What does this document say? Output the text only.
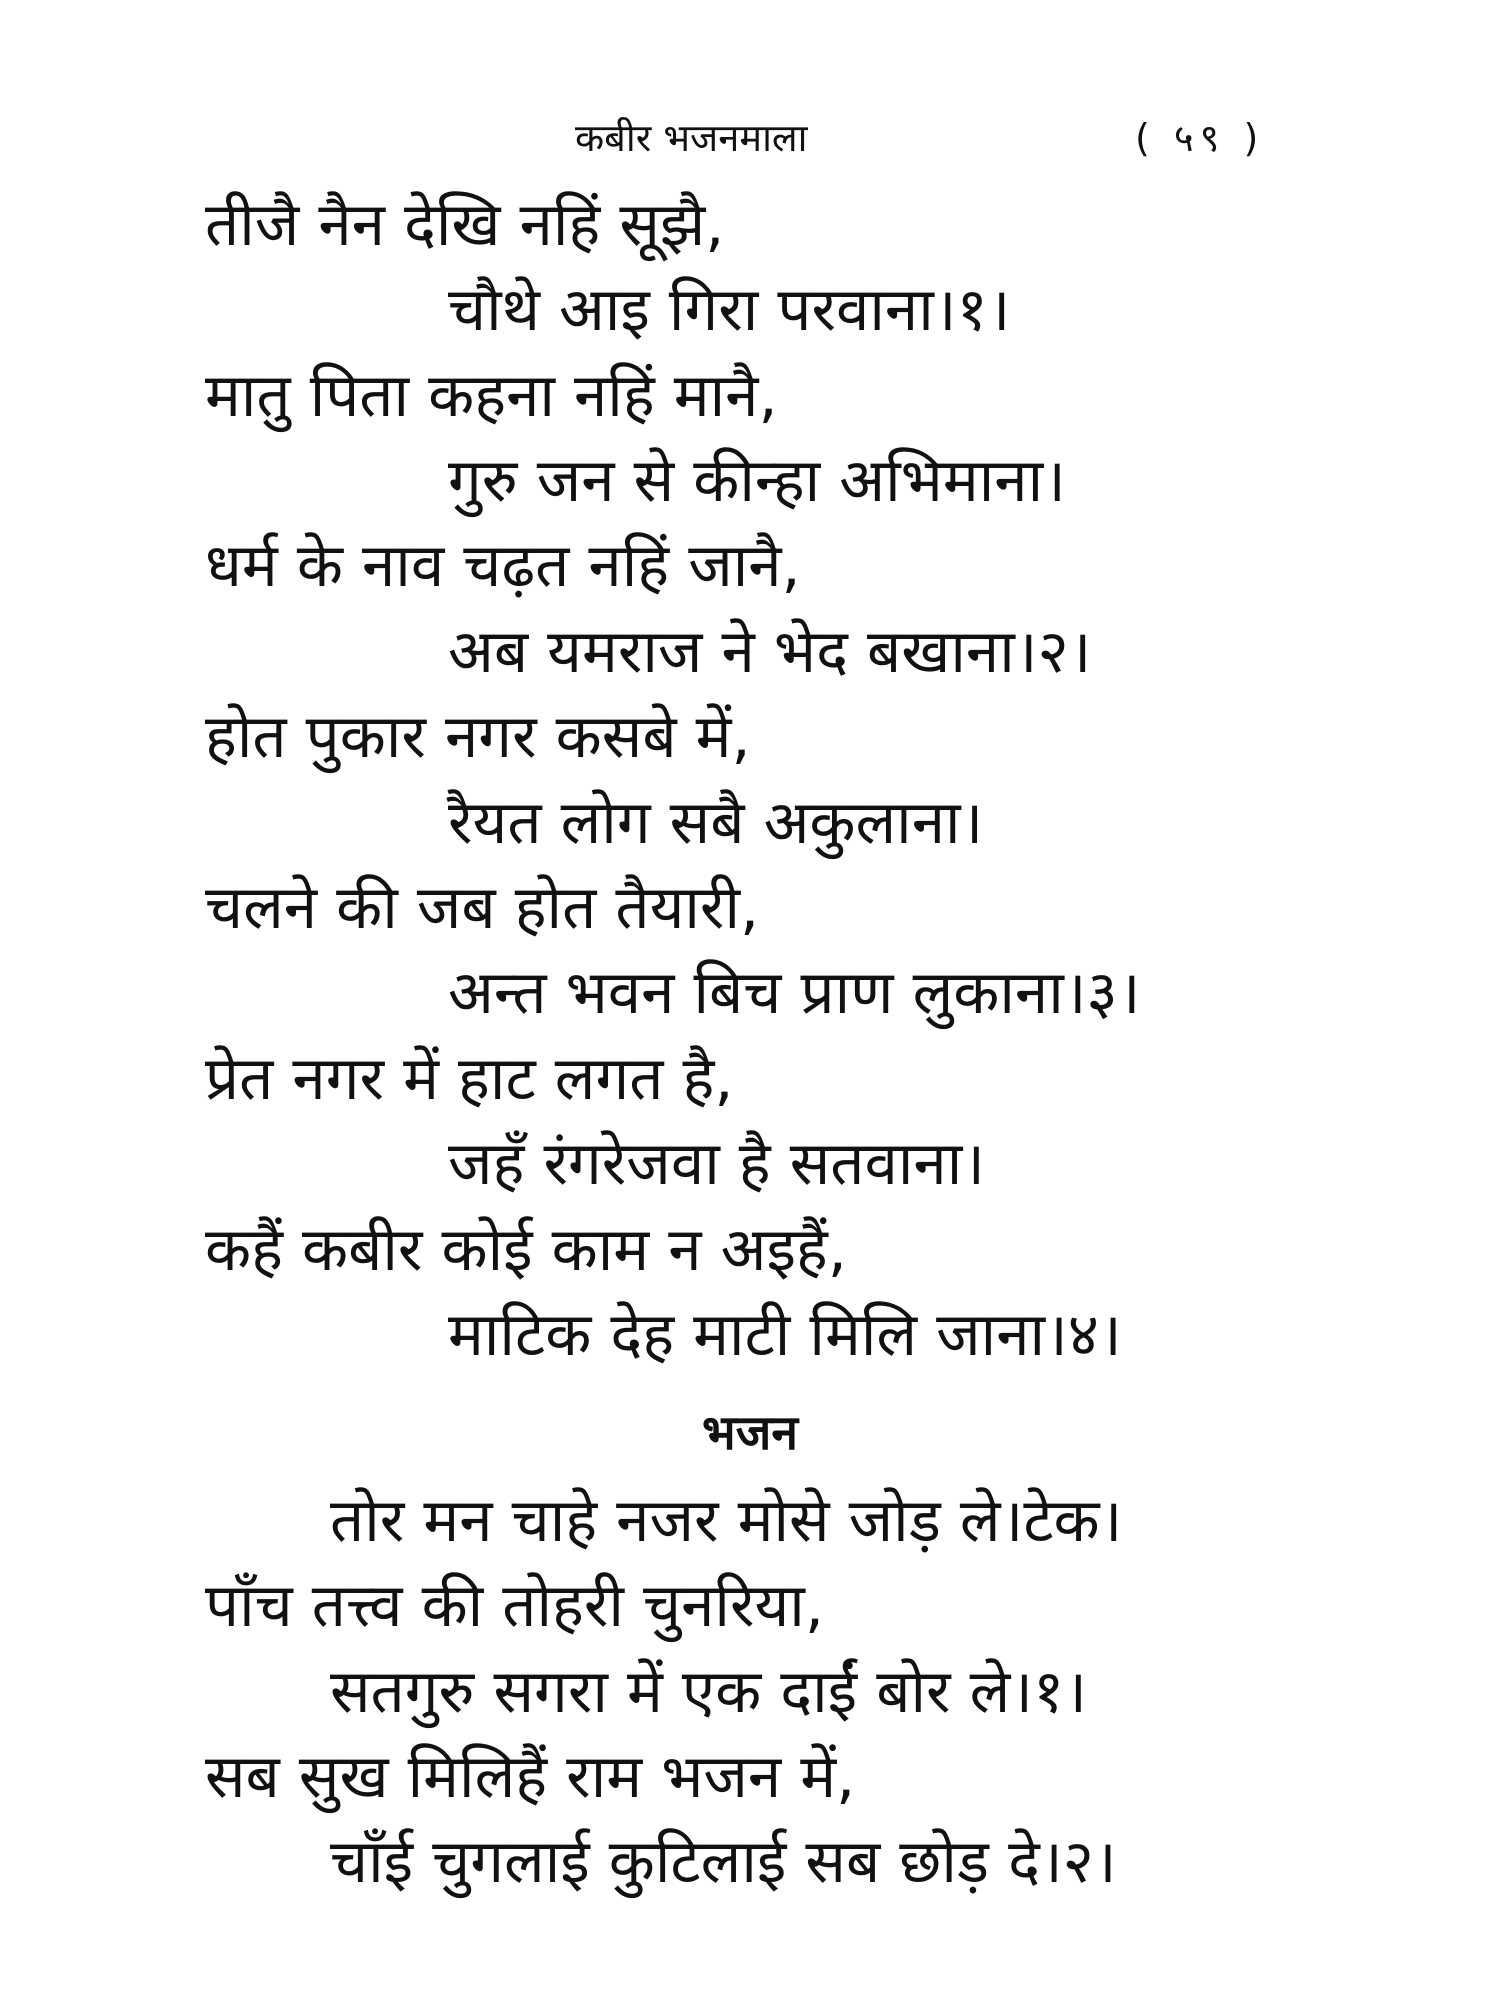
कबीर भजनमाला	( ५९ )
तीजै नैन देखि नहिं सूझै,
चौथे आइ गिरा परवाना।१।
मातु पिता कहना नहिं मानै,
गुरु जन से कीन्हा अभिमाना।
धर्म के नाव चढ़त नहिं जानै,
अब यमराज ने भेद बखाना।२।
होत पुकार नगर कसबे में,
रैयत लोग सबै अकुलाना।
चलने की जब होत तैयारी,
अन्त भवन बिच प्राण लुकाना।३।
प्रेत नगर में हाट लगत है,
जहँ रंगरेजवा है सतवाना।
कहैं कबीर कोई काम न अइहैं,
माटिक देह माटी मिलि जाना।४।
भजन
तोर मन चाहे नजर मोसे जोड़ ले।टेक।
पाँच तत्त्व की तोहरी चुनरिया,
सतगुरु सगरा में एक दाईं बोर ले।१।
सब सुख मिलिहैं राम भजन में,
चाँई चुगलाई कुटिलाई सब छोड़ दे।२।
